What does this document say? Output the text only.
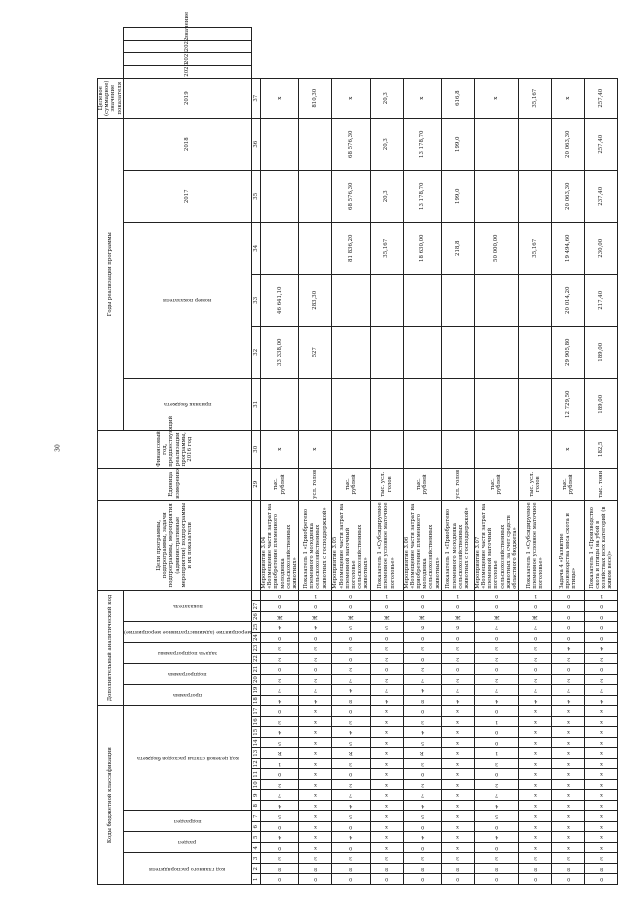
30
Коды бюджетной классификации																	Дополнительный аналитический код											Цели программы, подпрограммы, задачи подпрограммы, мероприятия (административные мероприятия) подпрограммы и их показатели	Единица измерения	Финансовый год, предшествующий реализации программы, 2016 год	Годы реализации программы						Целевое (суммарное) значение показателя				

код главного распорядителя			раздел		подраздел		код целевой статьи расходов бюджета										программа		подпрограмма		задача подпрограммы		мероприятие (административное мероприятие)		показатель						признак бюджета	номер показателя			2017	2018	2019	2020	2021	2022	значение

1	2	3	4	5	6	7	8	9	10	11	12	13	14	15	16	17	18	19	20	21	22	23	24	25	26	27			29	30	31	32	33	34	35	36	37				

0	8	3	0	4	0	5	4	7	2	0	1	R	5	4	3	0	4	7	2	0	2	3	0	4	Ж	0	0	Мероприятие 3.04 «Возмещение части затрат на приобретение племенного молодняка сельскохозяйственных животных»	тыс. рублей	х		33 338,00	46 641,10				х				

0	8	3	х	х	х	х	х	х	х	х	х	х	х	х	х	х	4	7	2	0	2	3	0	4	Ж	0	1	Показатель 1 «Приобретено племенного молодняка сельскохозяйственных животных с господдержкой»	усл. голов	х		527	283,30				810,30				

0	8	3	0	4	0	5	4	7	2	0	3	R	5	4	3	0	8	4	7	2	0	3	0	5	Ж	0	0	Мероприятие 3.05 «Возмещение части затрат на племенной маточный поголовье сельскохозяйственных животных»	тыс. рублей					81 836,20	68 576,30	68 576,30	х				

0	8	3	х	х	х	х	х	х	х	х	х	х	х	х	х	х	4	7	2	0	2	3	0	5	Ж	0	1	Показатель 1 «Субсидируемое племенное условное маточное поголовье»	тыс. усл. голов					35,167	20,3	20,3	20,3				

0	8	3	0	4	0	5	4	7	2	0	3	R	5	4	3	0	8	4	7	2	0	3	0	6	Ж	0	0	Мероприятие 3.06 «Возмещение части затрат на приобретение племенного молодняка сельскохозяйственных животных»	тыс. рублей					18 630,00	13 178,70	13 178,70	х				

0	8	3	х	х	х	х	х	х	х	х	х	х	х	х	х	х	4	7	2	0	2	3	0	6	Ж	0	1	Показатель 1 «Приобретено племенного молодняка сельскохозяйственных животных с господдержкой»	усл. голов					218,8	199,0	199,0	616,8				

0	8	3	0	4	0	5	4	7	2	0	3	1	0	0	1	0	4	7	2	0	2	3	0	7	Ж	0	0	Мероприятие 3.07 «Возмещение части затрат на племенной маточный поголовье сельскохозяйственных животных за счет средств областного бюджета»	тыс. рублей					50 000,00			х				

0	8	3	х	х	х	х	х	х	х	х	х	х	х	х	х	х	4	7	2	0	2	3	0	7	Ж	0	1	Показатель 1 «Субсидируемое племенное условное маточное поголовье»	тыс. усл. голов					35,167			35,167				

0	8	3	х	х	х	х	х	х	х	х	х	х	х	х	х	х	4	7	2	0	2	4	0	0	0	0	0	Задача 4 «Развитие производства мяса скота и птицы»	тыс. рублей	х	12 729,50	29 905,80	20 014,20	19 494,60	20 063,30	20 063,30	х				

0	8	3	х	х	х	х	х	х	х	х	х	х	х	х	х	х	4	7	2	0	2	4	0	0	0	0	1	Показатель 1 «Производство скота и птицы на убой в хозяйствах всех категорий (в живом весе)»	тыс. тонн	182,5	189,00	189,00	217,40	230,00	237,40	257,40	257,40				
